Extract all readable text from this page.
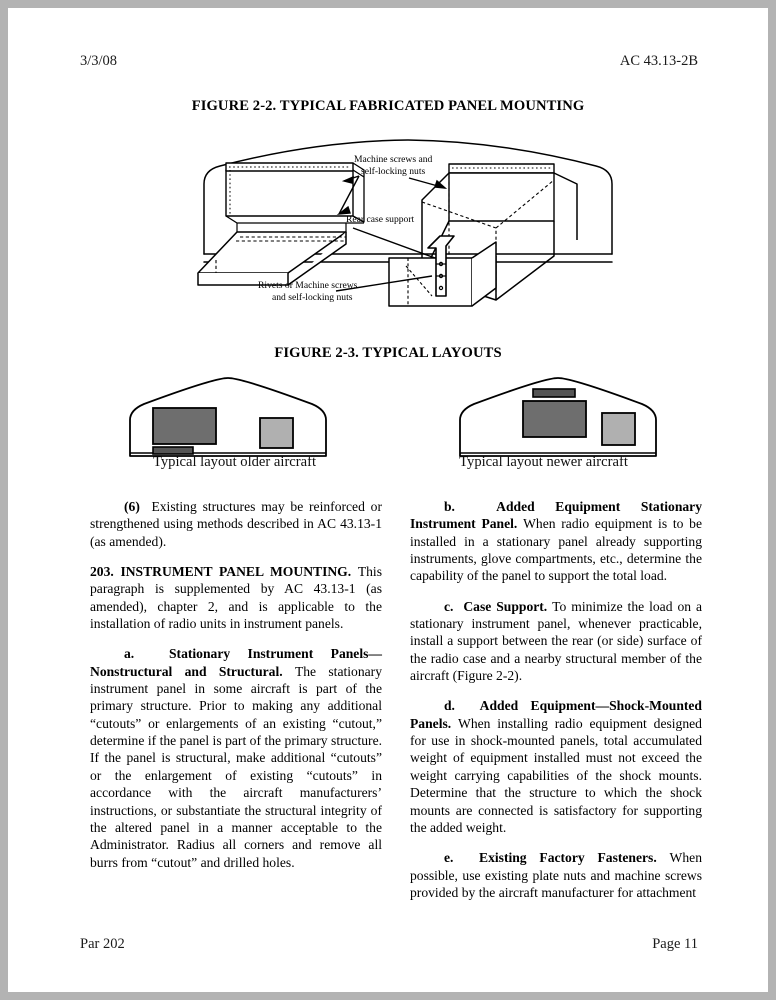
3/3/08	AC 43.13-2B
FIGURE 2-2. TYPICAL FABRICATED PANEL MOUNTING
Machine screws and
self-locking nuts
Rear case support
Rivets or Machine screws
and self-locking nuts
FIGURE 2-3. TYPICAL LAYOUTS
Typical layout older aircraft	Typical layout newer aircraft

(6) Existing structures may be reinforced or strengthened using methods described in AC 43.13-1 (as amended).

203. INSTRUMENT PANEL MOUNTING. This paragraph is supplemented by AC 43.13-1 (as amended), chapter 2, and is applicable to the installation of radio units in instrument panels.

a.	Stationary Instrument Panels—Nonstructural and Structural. The stationary instrument panel in some aircraft is part of the primary structure. Prior to making any additional “cutouts” or enlargements of an existing “cutout,” determine if the panel is part of the primary structure. If the panel is structural, make additional “cutouts” or the enlargement of existing “cutouts” in accordance with the aircraft manufacturers’ instructions, or substantiate the structural integrity of the altered panel in a manner acceptable to the Administrator. Radius all corners and remove all burrs from “cutout” and drilled holes.

b.	Added Equipment Stationary Instrument Panel. When radio equipment is to be installed in a stationary panel already supporting instruments, glove compartments, etc., determine the capability of the panel to support the total load.

c. Case Support. To minimize the load on a stationary instrument panel, whenever practicable, install a support between the rear (or side) surface of the radio case and a nearby structural member of the aircraft (Figure 2-2).

d. Added Equipment—Shock-Mounted Panels. When installing radio equipment designed for use in shock-mounted panels, total accumulated weight of equipment installed must not exceed the weight carrying capabilities of the shock mounts. Determine that the structure to which the shock mounts are connected is satisfactory for supporting the added weight.

e. Existing Factory Fasteners. When possible, use existing plate nuts and machine screws provided by the aircraft manufacturer for attachment

Par 202	Page 11
